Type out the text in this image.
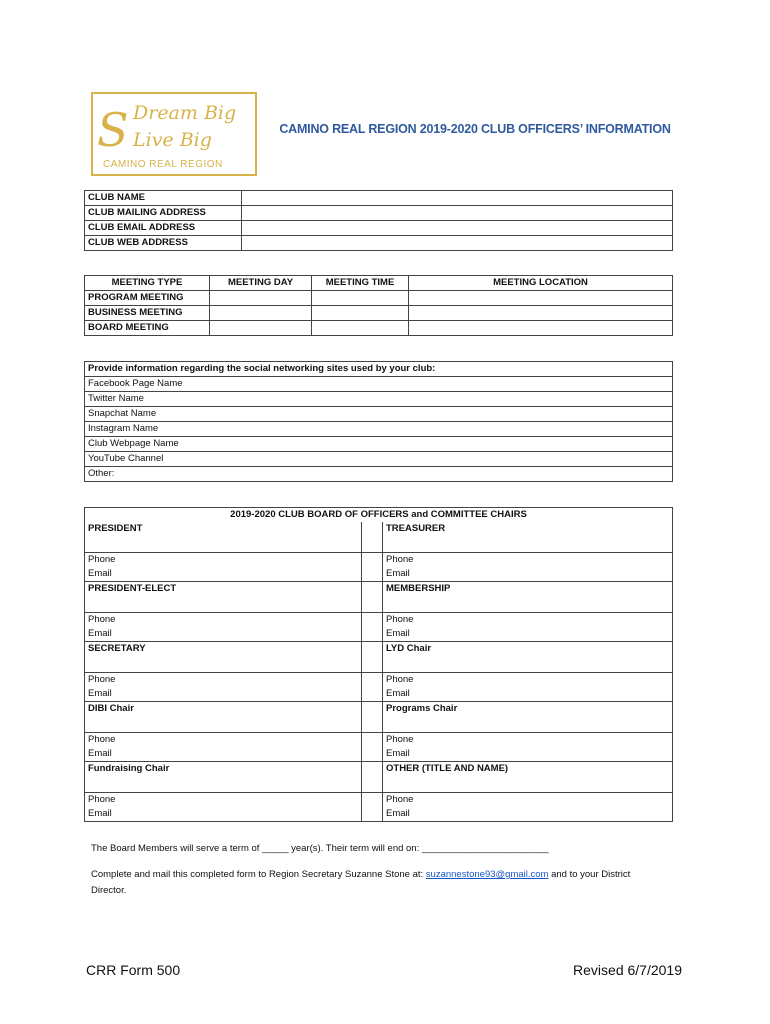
S Dream Big
Live Big
CAMINO REAL REGION
CAMINO REAL REGION 2019-2020 CLUB OFFICERS’ INFORMATION
CLUB NAME	
CLUB MAILING ADDRESS	
CLUB EMAIL ADDRESS	
CLUB WEB ADDRESS	
MEETING TYPE	MEETING DAY	MEETING TIME	MEETING LOCATION
PROGRAM MEETING			
BUSINESS MEETING			
BOARD MEETING			
Provide information regarding the social networking sites used by your club:
Facebook Page Name
Twitter Name
Snapchat Name
Instagram Name
Club Webpage Name
YouTube Channel
Other:
2019-2020 CLUB BOARD OF OFFICERS and COMMITTEE CHAIRS		
PRESIDENT		TREASURER
Phone		Phone
Email		Email
PRESIDENT-ELECT		MEMBERSHIP
Phone		Phone
Email		Email
SECRETARY		LYD Chair
Phone		Phone
Email		Email
DIBI Chair		Programs Chair
Phone		Phone
Email		Email
Fundraising Chair		OTHER (TITLE AND NAME)
Phone		Phone
Email		Email
The Board Members will serve a term of _____ year(s). Their term will end on: ________________________
Complete and mail this completed form to Region Secretary Suzanne Stone at: suzannestone93@gmail.com and to your District
Director.
CRR Form 500	Revised 6/7/2019
